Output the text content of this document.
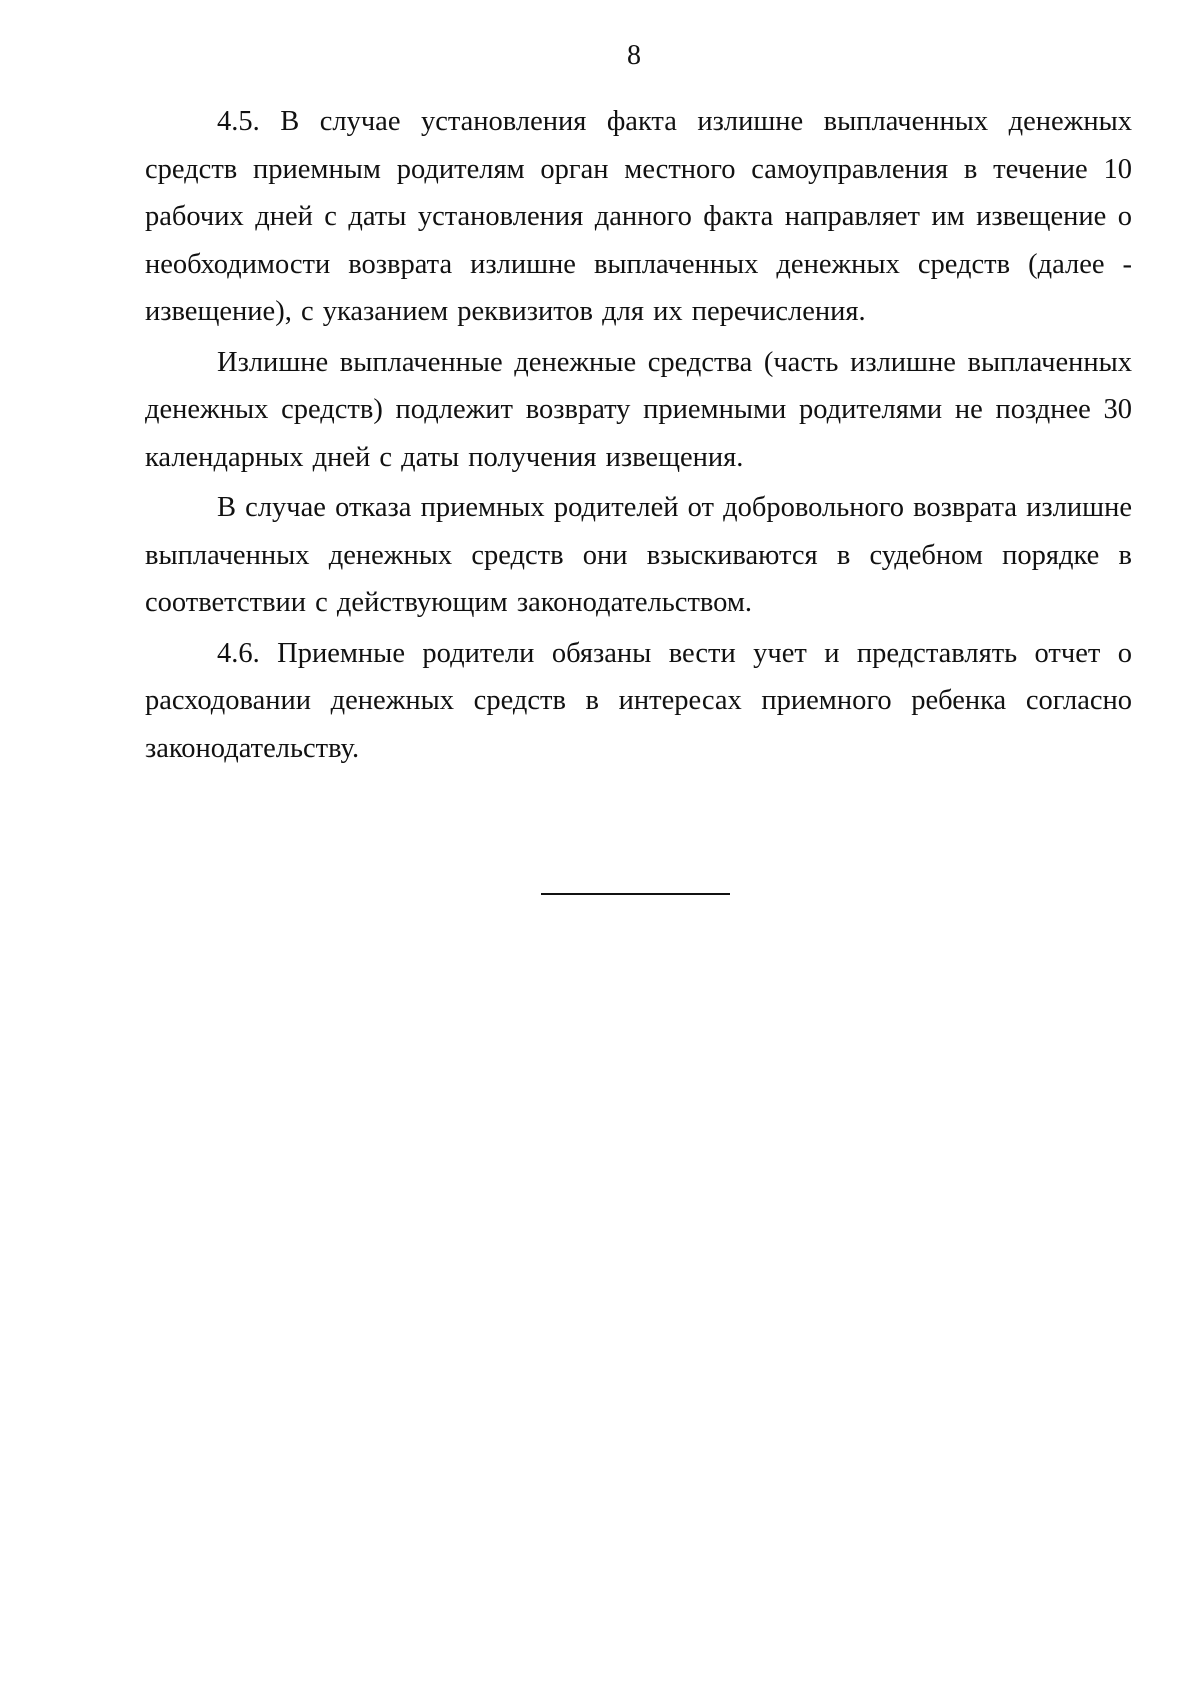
8

4.5. В случае установления факта излишне выплаченных денежных средств приемным родителям орган местного самоуправления в течение 10 рабочих дней с даты установления данного факта направляет им извещение о необходимости возврата излишне выплаченных денежных средств (далее - извещение), с указанием реквизитов для их перечисления.

Излишне выплаченные денежные средства (часть излишне выплаченных денежных средств) подлежит возврату приемными родителями не позднее 30 календарных дней с даты получения извещения.

В случае отказа приемных родителей от добровольного возврата излишне выплаченных денежных средств они взыскиваются в судебном порядке в соответствии с действующим законодательством.

4.6. Приемные родители обязаны вести учет и представлять отчет о расходовании денежных средств в интересах приемного ребенка согласно законодательству.
